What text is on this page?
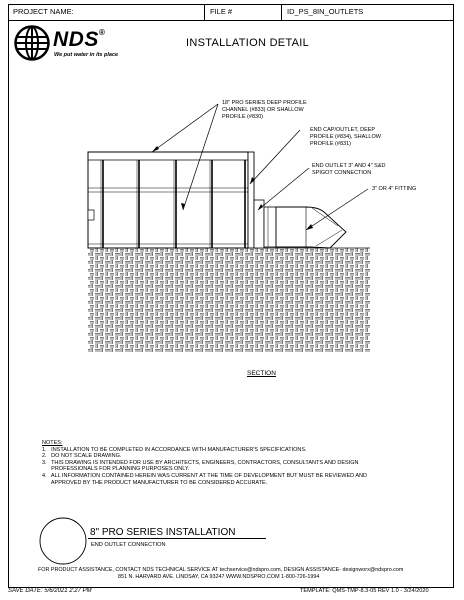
PROJECT NAME:	FILE #	ID_PS_8IN_OUTLETS
NDS®
We put water in its place
INSTALLATION DETAIL
18" PRO SERIES DEEP PROFILE
CHANNEL (#833) OR SHALLOW
PROFILE (#830)
END CAP/OUTLET, DEEP
PROFILE (#834), SHALLOW
PROFILE (#831)
END OUTLET 3" AND 4" S&D
SPIGOT CONNECTION
3" OR 4" FITTING
SECTION
NOTES:
1.   INSTALLATION TO BE COMPLETED IN ACCORDANCE WITH MANUFACTURER'S SPECIFICATIONS.
2.   DO NOT SCALE DRAWING.
3.   THIS DRAWING IS INTENDED FOR USE BY ARCHITECTS, ENGINEERS, CONTRACTORS, CONSULTANTS AND DESIGN
PROFESSIONALS FOR PLANNING PURPOSES ONLY.
4.   ALL INFORMATION CONTAINED HEREIN WAS CURRENT AT THE TIME OF DEVELOPMENT BUT MUST BE REVIEWED AND
APPROVED BY THE PRODUCT MANUFACTURER TO BE CONSIDERED ACCURATE.
8" PRO SERIES INSTALLATION
END OUTLET CONNECTION
FOR PRODUCT ASSISTANCE, CONTACT NDS TECHNICAL SERVICE AT techservice@ndspro.com, DESIGN ASSISTANCE- designworx@ndspro.com
851 N. HARVARD AVE. LINDSAY, CA 93247 WWW.NDSPRO.COM 1-800-726-1994
SAVE DATE: 5/6/2021 2:27 PM	TEMPLATE: QMS-TMP-8.3-05 REV 1.0 - 3/24/2020
